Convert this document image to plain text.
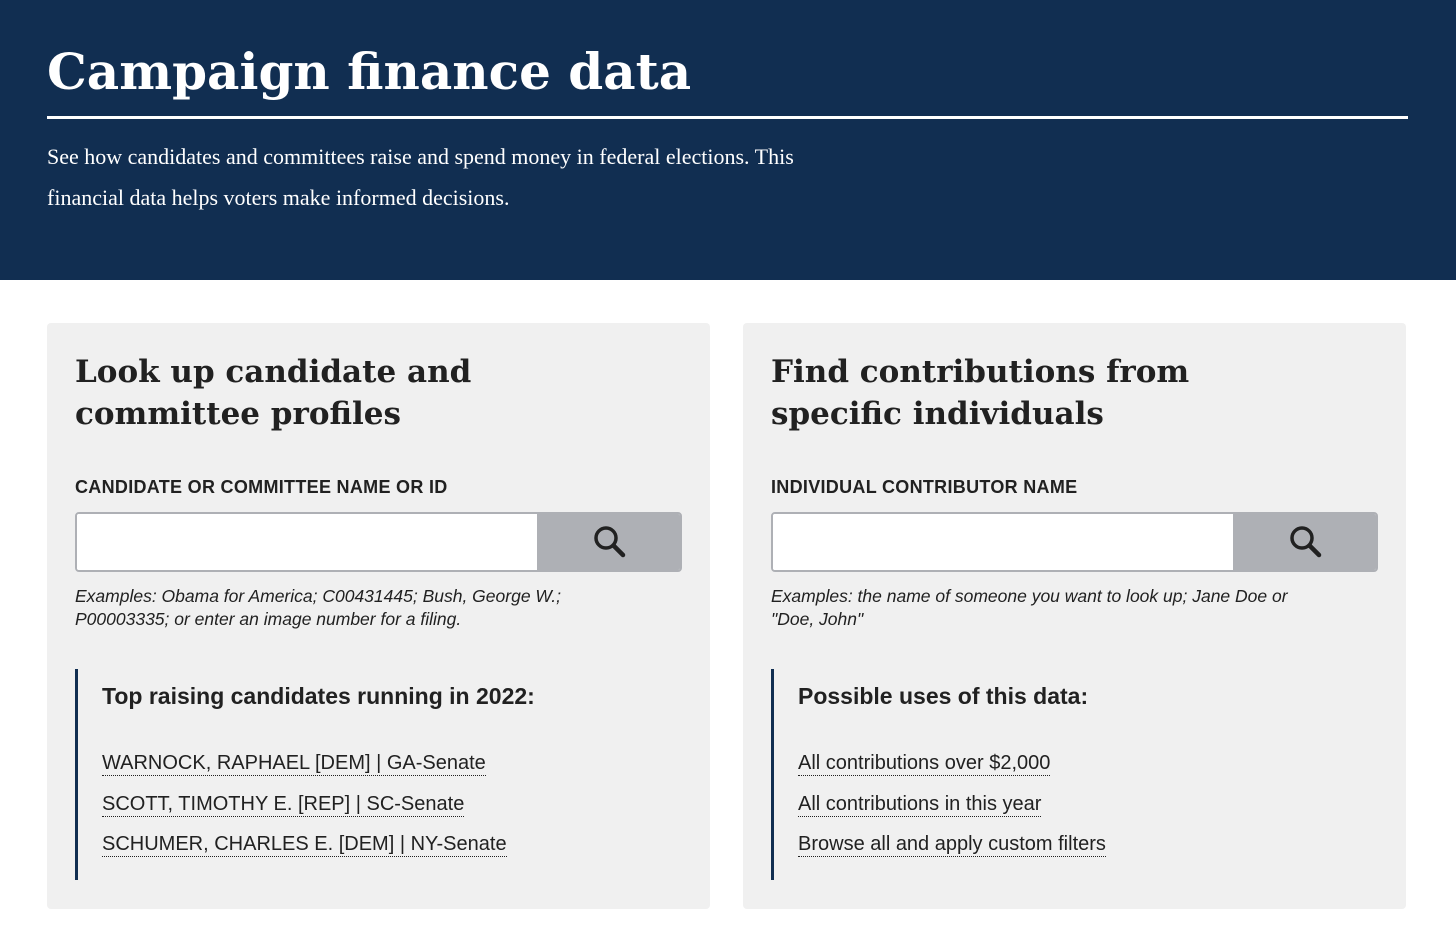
Campaign finance data

See how candidates and committees raise and spend money in federal elections. This
financial data helps voters make informed decisions.

Look up candidate and
committee profiles
CANDIDATE OR COMMITTEE NAME OR ID

Examples: Obama for America; C00431445; Bush, George W.;
P00003335; or enter an image number for a filing.

Top raising candidates running in 2022:
WARNOCK, RAPHAEL [DEM] | GA-Senate
SCOTT, TIMOTHY E. [REP] | SC-Senate
SCHUMER, CHARLES E. [DEM] | NY-Senate
Find contributions from
specific individuals
INDIVIDUAL CONTRIBUTOR NAME

Examples: the name of someone you want to look up; Jane Doe or
"Doe, John"

Possible uses of this data:
All contributions over $2,000
All contributions in this year
Browse all and apply custom filters
